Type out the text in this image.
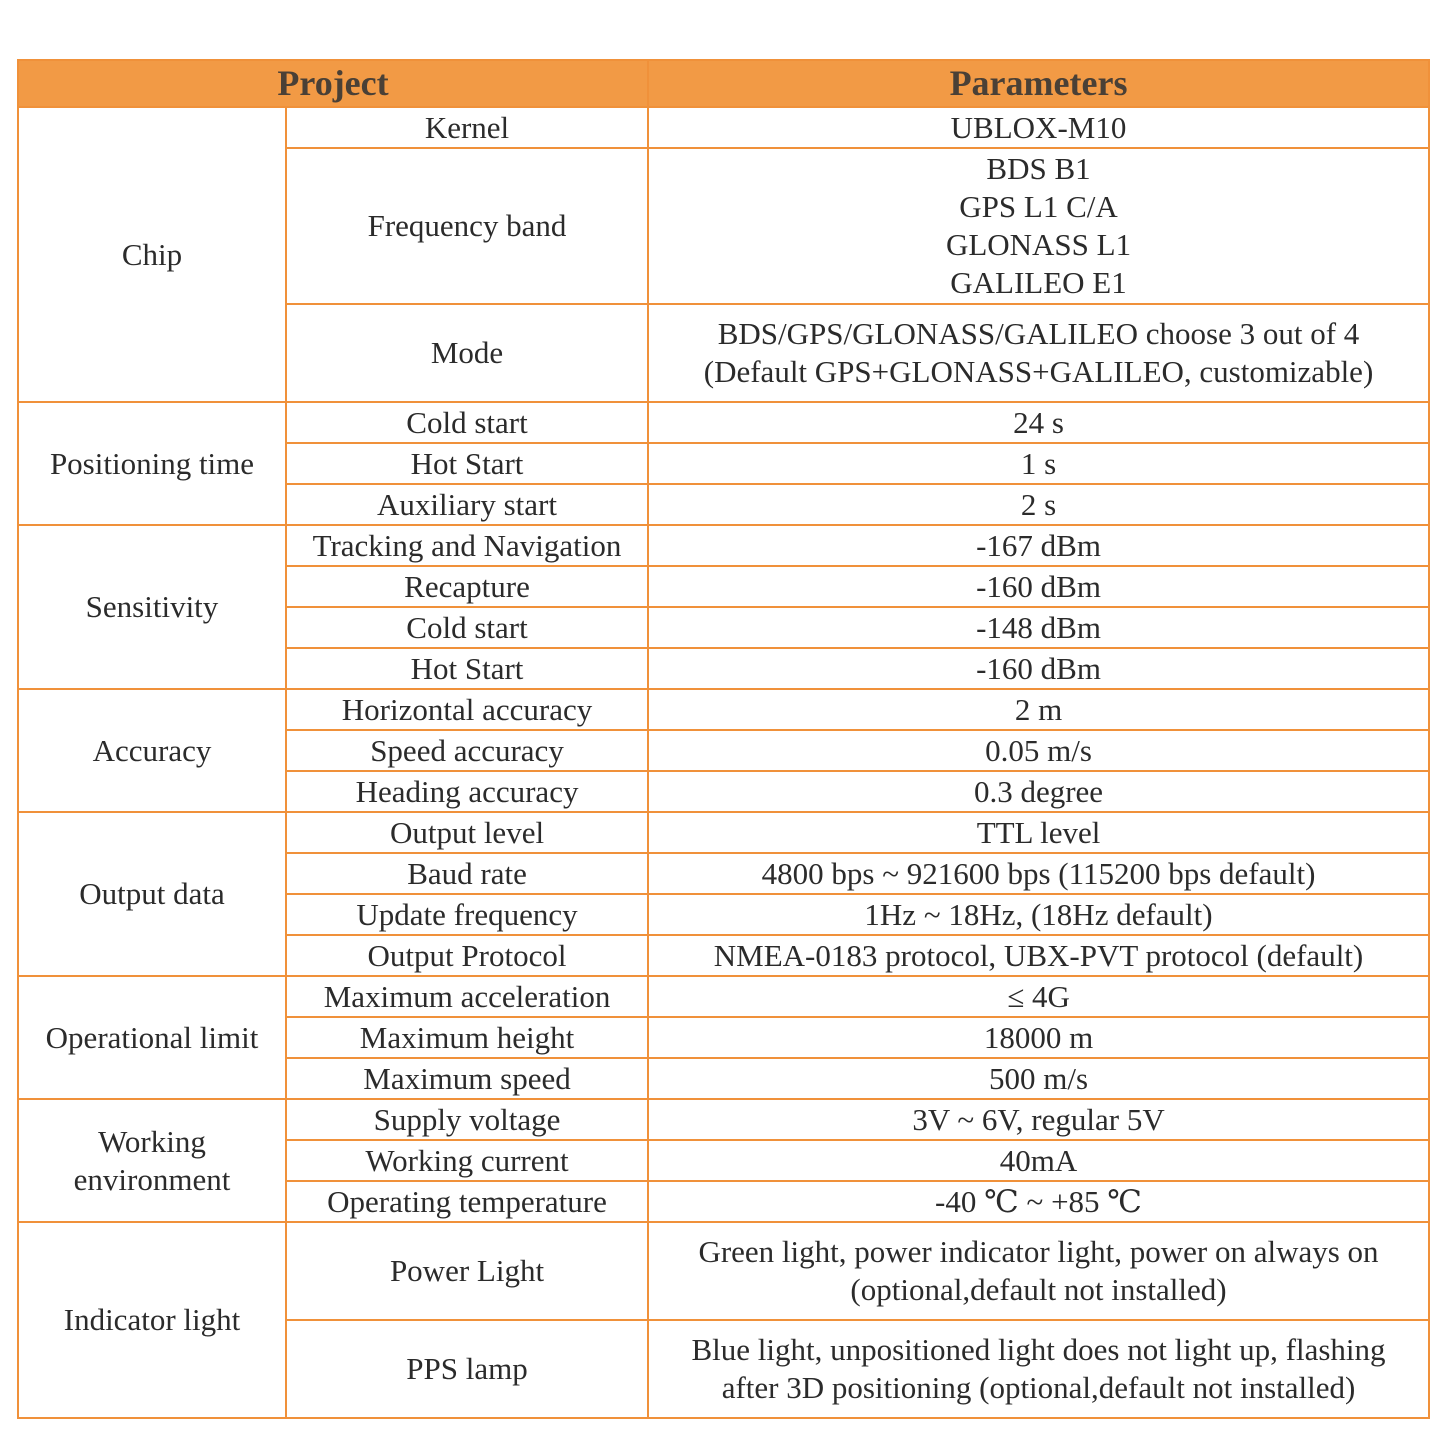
Project		Parameters
Chip	Kernel	UBLOX-M10
	Frequency band	BDS B1
GPS L1 C/A
GLONASS L1
GALILEO E1

	Mode	BDS/GPS/GLONASS/GALILEO choose 3 out of 4
(Default GPS+GLONASS+GALILEO, customizable)

Positioning time	Cold start	24 s
	Hot Start	1 s
	Auxiliary start	2 s
Sensitivity	Tracking and Navigation	-167 dBm
	Recapture	-160 dBm
	Cold start	-148 dBm
	Hot Start	-160 dBm
Accuracy	Horizontal accuracy	2 m
	Speed accuracy	0.05 m/s
	Heading accuracy	0.3 degree
Output data	Output level	TTL level
	Baud rate	4800 bps ~ 921600 bps (115200 bps default)
	Update frequency	1Hz ~ 18Hz, (18Hz default)
	Output Protocol	NMEA-0183 protocol, UBX-PVT protocol (default)
Operational limit	Maximum acceleration	≤ 4G
	Maximum height	18000 m
	Maximum speed	500 m/s

Working
environment	Supply voltage	3V ~ 6V, regular 5V
	Working current	40mA
	Operating temperature	-40 ℃ ~ +85 ℃
Indicator light	Power Light	Green light, power indicator light, power on always on
(optional,default not installed)

	PPS lamp	Blue light, unpositioned light does not light up, flashing
after 3D positioning (optional,default not installed)
